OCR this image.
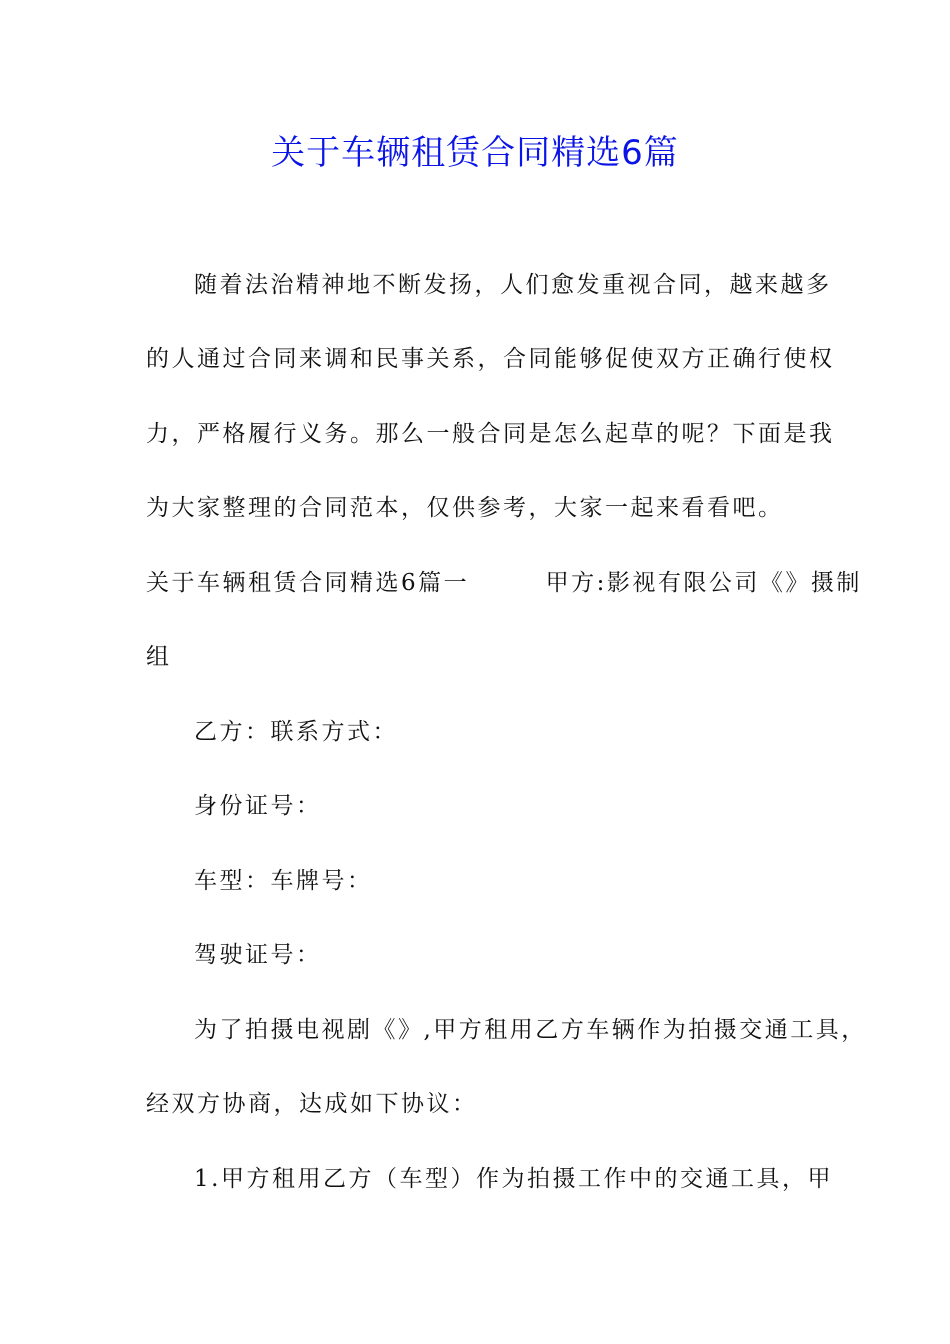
关于车辆租赁合同精选6篇
随着法治精神地不断发扬，人们愈发重视合同，越来越多
的人通过合同来调和民事关系，合同能够促使双方正确行使权
力，严格履行义务。那么一般合同是怎么起草的呢？下面是我
为大家整理的合同范本，仅供参考，大家一起来看看吧。
关于车辆租赁合同精选6篇一　　　甲方:影视有限公司《》摄制
组
乙方：联系方式：
身份证号：
车型：车牌号：
驾驶证号：
为了拍摄电视剧《》,甲方租用乙方车辆作为拍摄交通工具，
经双方协商，达成如下协议：
1.甲方租用乙方（车型）作为拍摄工作中的交通工具，甲
